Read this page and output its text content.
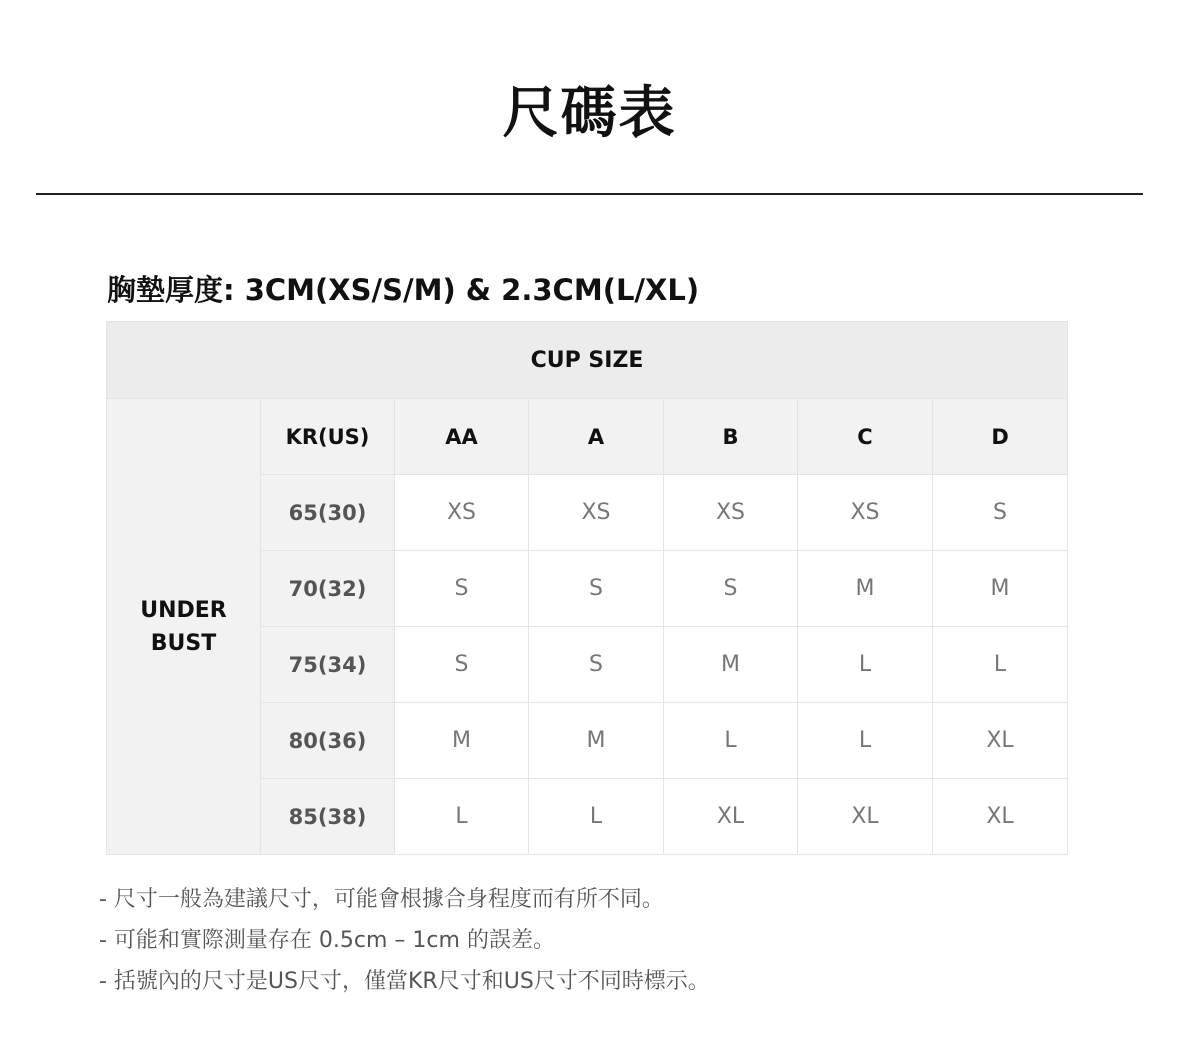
尺碼表
胸墊厚度: 3CM(XS/S/M) & 2.3CM(L/XL)
CUP SIZE						
UNDER
BUST	KR(US)	AA	A	B	C	D
	65(30)	XS	XS	XS	XS	S
	70(32)	S	S	S	M	M
	75(34)	S	S	M	L	L
	80(36)	M	M	L	L	XL
	85(38)	L	L	XL	XL	XL
- 尺寸一般為建議尺寸，可能會根據合身程度而有所不同。
- 可能和實際測量存在 0.5cm – 1cm 的誤差。
- 括號內的尺寸是US尺寸，僅當KR尺寸和US尺寸不同時標示。
